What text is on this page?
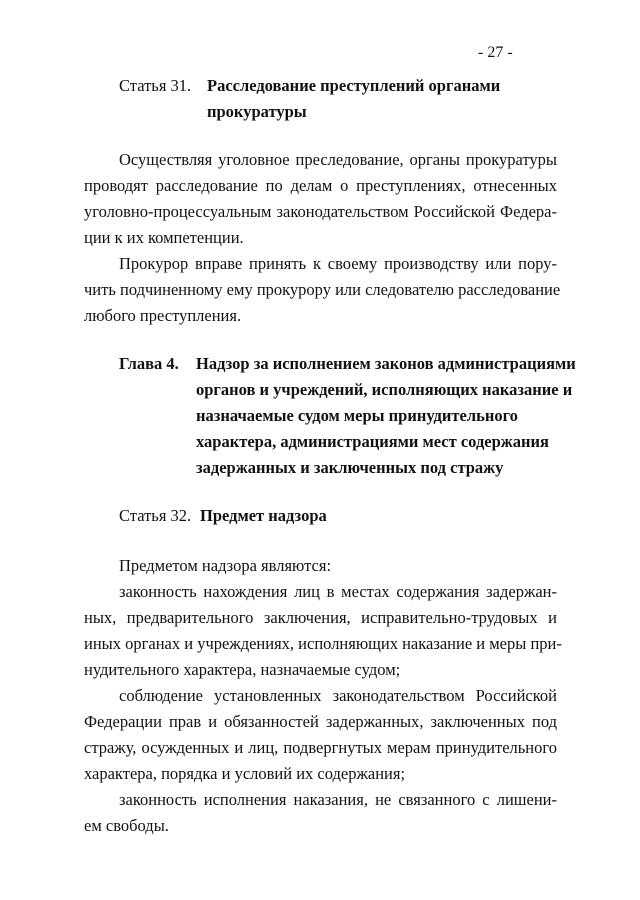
- 27 -
Статья 31. Расследование преступлений органами
прокуратуры
Осуществляя уголовное преследование, органы прокуратуры
проводят расследование по делам о преступлениях, отнесенных
уголовно-процессуальным законодательством Российской Федера-
ции к их компетенции.
Прокурор вправе принять к своему производству или пору-
чить подчиненному ему прокурору или следователю расследование
любого преступления.
Глава 4. Надзор за исполнением законов администрациями
органов и учреждений, исполняющих наказание и
назначаемые судом меры принудительного
характера, администрациями мест содержания
задержанных и заключенных под стражу
Статья 32. Предмет надзора
Предметом надзора являются:
законность нахождения лиц в местах содержания задержан-
ных, предварительного заключения, исправительно-трудовых и
иных органах и учреждениях, исполняющих наказание и меры при-
нудительного характера, назначаемые судом;
соблюдение установленных законодательством Российской
Федерации прав и обязанностей задержанных, заключенных под
стражу, осужденных и лиц, подвергнутых мерам принудительного
характера, порядка и условий их содержания;
законность исполнения наказания, не связанного с лишени-
ем свободы.
